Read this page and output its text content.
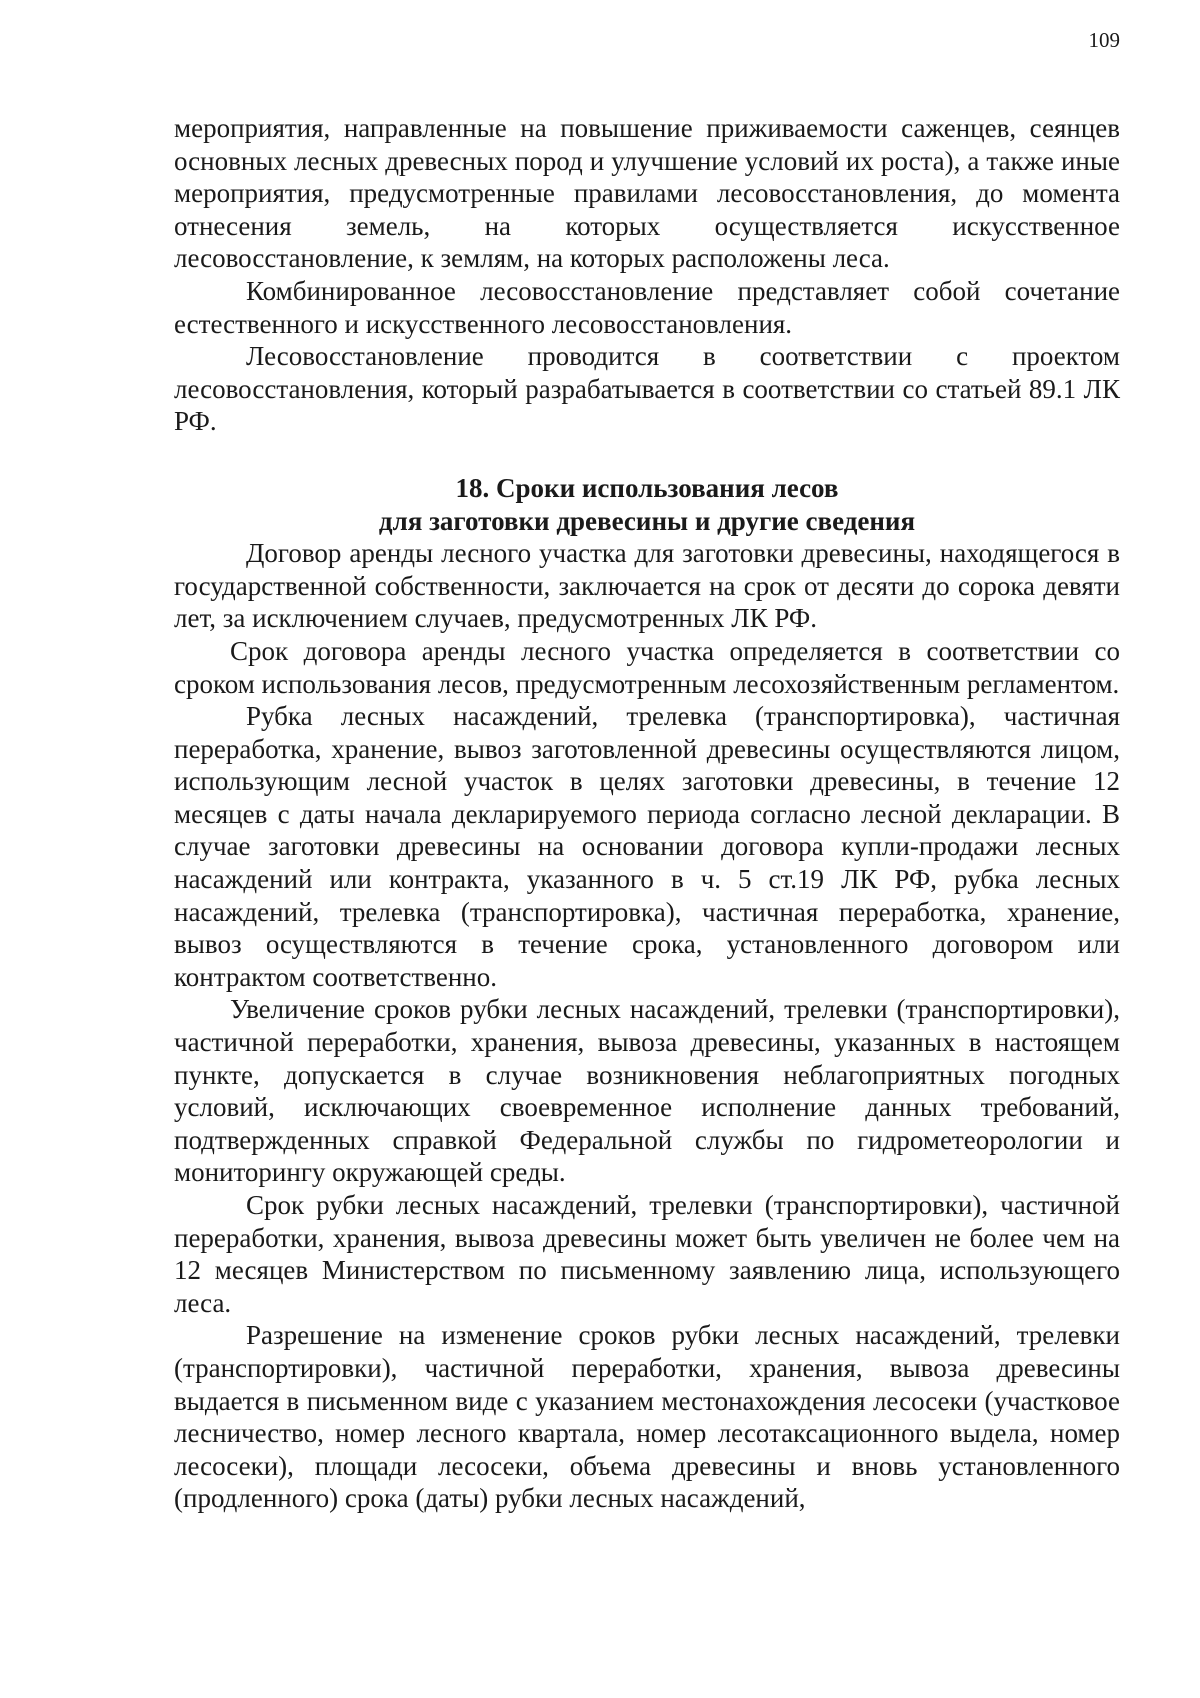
109

мероприятия, направленные на повышение приживаемости саженцев, сеянцев основных лесных древесных пород и улучшение условий их роста), а также иные мероприятия, предусмотренные правилами лесовосстановления, до момента отнесения земель, на которых осуществляется искусственное лесовосстановление, к землям, на которых расположены леса.

Комбинированное лесовосстановление представляет собой сочетание естественного и искусственного лесовосстановления.

Лесовосстановление проводится в соответствии с проектом лесовосстановления, который разрабатывается в соответствии со статьей 89.1 ЛК РФ.

18. Сроки использования лесов
для заготовки древесины и другие сведения

Договор аренды лесного участка для заготовки древесины, находящегося в государственной собственности, заключается на срок от десяти до сорока девяти лет, за исключением случаев, предусмотренных ЛК РФ.

Срок договора аренды лесного участка определяется в соответствии со сроком использования лесов, предусмотренным лесохозяйственным регламентом.

Рубка лесных насаждений, трелевка (транспортировка), частичная переработка, хранение, вывоз заготовленной древесины осуществляются лицом, использующим лесной участок в целях заготовки древесины, в течение 12 месяцев с даты начала декларируемого периода согласно лесной декларации. В случае заготовки древесины на основании договора купли-продажи лесных насаждений или контракта, указанного в ч. 5 ст.19 ЛК РФ, рубка лесных насаждений, трелевка (транспортировка), частичная переработка, хранение, вывоз осуществляются в течение срока, установленного договором или контрактом соответственно.

Увеличение сроков рубки лесных насаждений, трелевки (транспортировки), частичной переработки, хранения, вывоза древесины, указанных в настоящем пункте, допускается в случае возникновения неблагоприятных погодных условий, исключающих своевременное исполнение данных требований, подтвержденных справкой Федеральной службы по гидрометеорологии и мониторингу окружающей среды.

Срок рубки лесных насаждений, трелевки (транспортировки), частичной переработки, хранения, вывоза древесины может быть увеличен не более чем на 12 месяцев Министерством по письменному заявлению лица, использующего леса.

Разрешение на изменение сроков рубки лесных насаждений, трелевки (транспортировки), частичной переработки, хранения, вывоза древесины выдается в письменном виде с указанием местонахождения лесосеки (участковое лесничество, номер лесного квартала, номер лесотаксационного выдела, номер лесосеки), площади лесосеки, объема древесины и вновь установленного (продленного) срока (даты) рубки лесных насаждений,
